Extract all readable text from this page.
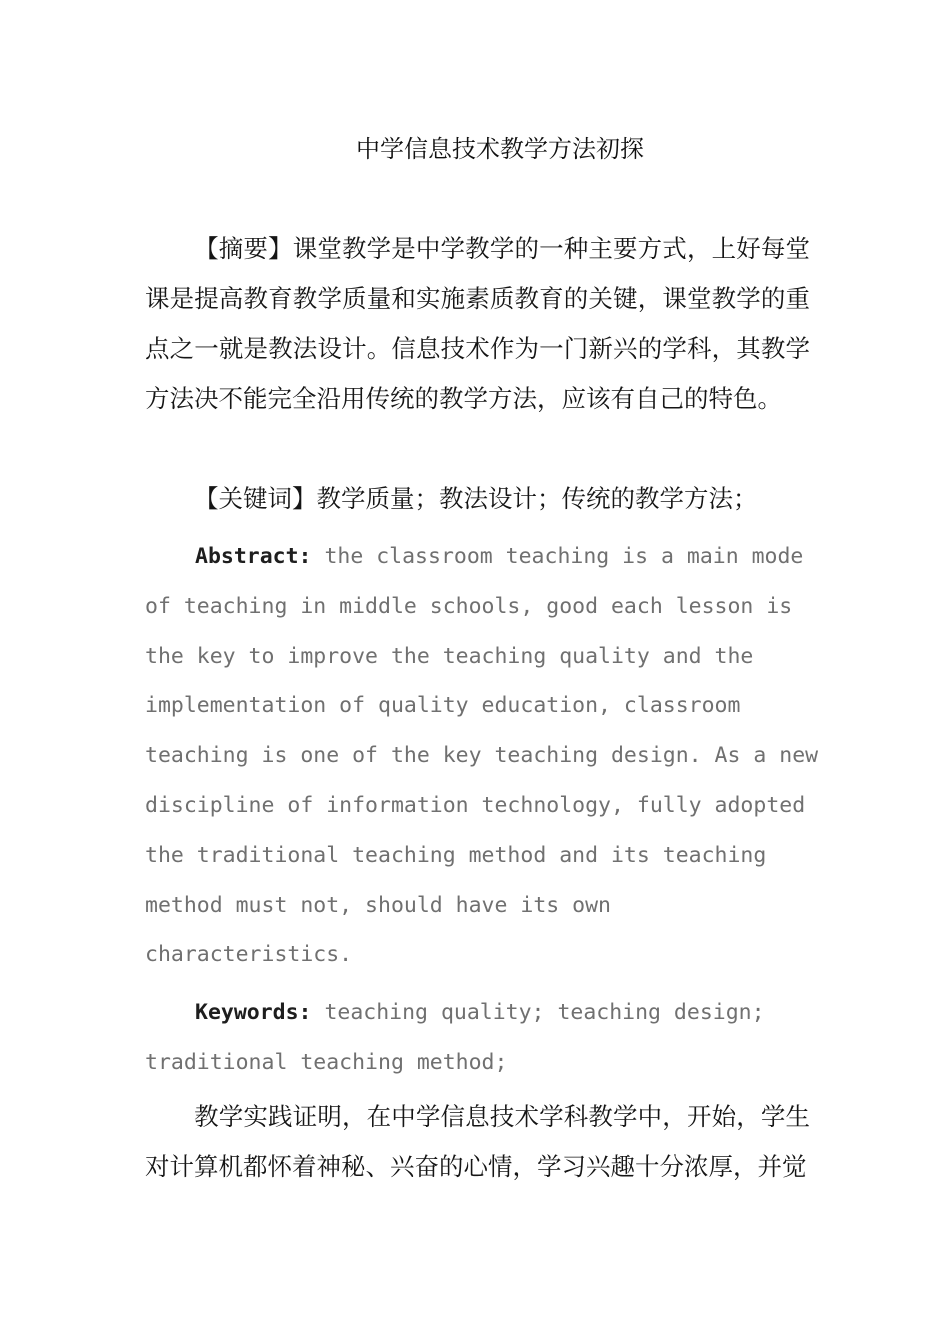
中学信息技术教学方法初探
【摘要】课堂教学是中学教学的一种主要方式，上好每堂课是提高教育教学质量和实施素质教育的关键，课堂教学的重点之一就是教法设计。信息技术作为一门新兴的学科，其教学方法决不能完全沿用传统的教学方法，应该有自己的特色。
【关键词】教学质量；教法设计；传统的教学方法；
Abstract: the classroom teaching is a main mode of teaching in middle schools, good each lesson is the key to improve the teaching quality and the implementation of quality education, classroom teaching is one of the key teaching design. As a new discipline of information technology, fully adopted the traditional teaching method and its teaching method must not, should have its own characteristics.
Keywords: teaching quality; teaching design; traditional teaching method;
教学实践证明，在中学信息技术学科教学中，开始，学生对计算机都怀着神秘、兴奋的心情，学习兴趣十分浓厚，并觉
